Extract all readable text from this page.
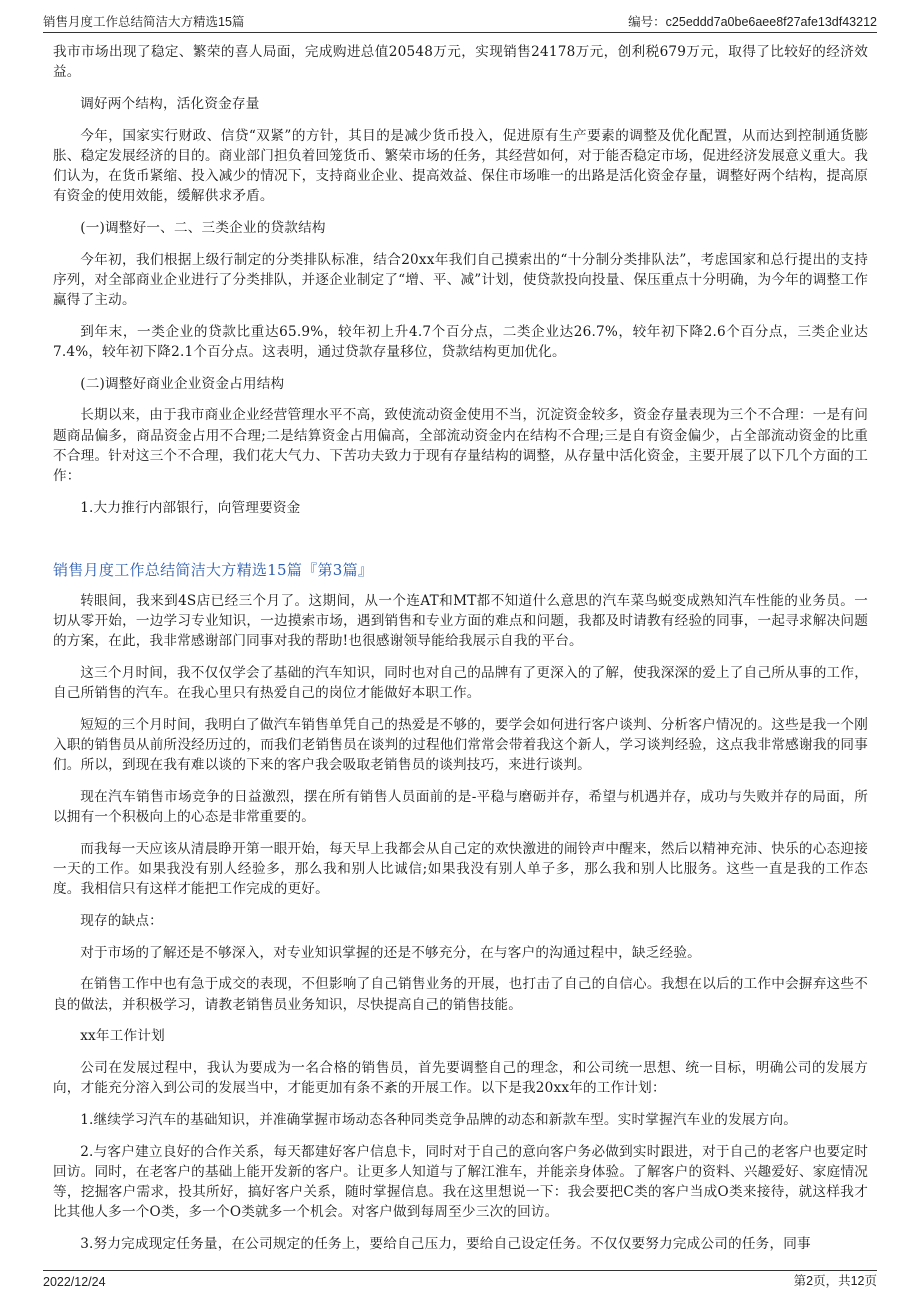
销售月度工作总结简洁大方精选15篇	编号：c25eddd7a0be6aee8f27afe13df43212

我市市场出现了稳定、繁荣的喜人局面，完成购进总值20548万元，实现销售24178万元，创利税679万元，取得了比较好的经济效益。

调好两个结构，活化资金存量

今年，国家实行财政、信贷“双紧”的方针，其目的是减少货币投入，促进原有生产要素的调整及优化配置，从而达到控制通货膨胀、稳定发展经济的目的。商业部门担负着回笼货币、繁荣市场的任务，其经营如何，对于能否稳定市场，促进经济发展意义重大。我们认为，在货币紧缩、投入减少的情况下，支持商业企业、提高效益、保住市场唯一的出路是活化资金存量，调整好两个结构，提高原有资金的使用效能，缓解供求矛盾。

(一)调整好一、二、三类企业的贷款结构

今年初，我们根据上级行制定的分类排队标准，结合20xx年我们自己摸索出的“十分制分类排队法”，考虑国家和总行提出的支持序列，对全部商业企业进行了分类排队，并逐企业制定了“增、平、减”计划，使贷款投向投量、保压重点十分明确，为今年的调整工作赢得了主动。

到年末，一类企业的贷款比重达65.9%，较年初上升4.7个百分点，二类企业达26.7%，较年初下降2.6个百分点，三类企业达7.4%，较年初下降2.1个百分点。这表明，通过贷款存量移位，贷款结构更加优化。

(二)调整好商业企业资金占用结构

长期以来，由于我市商业企业经营管理水平不高，致使流动资金使用不当，沉淀资金较多，资金存量表现为三个不合理：一是有问题商品偏多，商品资金占用不合理;二是结算资金占用偏高，全部流动资金内在结构不合理;三是自有资金偏少，占全部流动资金的比重不合理。针对这三个不合理，我们花大气力、下苦功夫致力于现有存量结构的调整，从存量中活化资金，主要开展了以下几个方面的工作：

1.大力推行内部银行，向管理要资金

销售月度工作总结简洁大方精选15篇『第3篇』

转眼间，我来到4S店已经三个月了。这期间，从一个连AT和MT都不知道什么意思的汽车菜鸟蜕变成熟知汽车性能的业务员。一切从零开始，一边学习专业知识，一边摸索市场，遇到销售和专业方面的难点和问题，我都及时请教有经验的同事，一起寻求解决问题的方案，在此，我非常感谢部门同事对我的帮助!也很感谢领导能给我展示自我的平台。

这三个月时间，我不仅仅学会了基础的汽车知识，同时也对自己的品牌有了更深入的了解，使我深深的爱上了自己所从事的工作，自己所销售的汽车。在我心里只有热爱自己的岗位才能做好本职工作。

短短的三个月时间，我明白了做汽车销售单凭自己的热爱是不够的，要学会如何进行客户谈判、分析客户情况的。这些是我一个刚入职的销售员从前所没经历过的，而我们老销售员在谈判的过程他们常常会带着我这个新人，学习谈判经验，这点我非常感谢我的同事们。所以，到现在我有难以谈的下来的客户我会吸取老销售员的谈判技巧，来进行谈判。

现在汽车销售市场竞争的日益激烈，摆在所有销售人员面前的是-平稳与磨砺并存，希望与机遇并存，成功与失败并存的局面，所以拥有一个积极向上的心态是非常重要的。

而我每一天应该从清晨睁开第一眼开始，每天早上我都会从自己定的欢快激进的闹铃声中醒来，然后以精神充沛、快乐的心态迎接一天的工作。如果我没有别人经验多，那么我和别人比诚信;如果我没有别人单子多，那么我和别人比服务。这些一直是我的工作态度。我相信只有这样才能把工作完成的更好。

现存的缺点：

对于市场的了解还是不够深入，对专业知识掌握的还是不够充分，在与客户的沟通过程中，缺乏经验。

在销售工作中也有急于成交的表现，不但影响了自己销售业务的开展，也打击了自己的自信心。我想在以后的工作中会摒弃这些不良的做法，并积极学习，请教老销售员业务知识，尽快提高自己的销售技能。

xx年工作计划

公司在发展过程中，我认为要成为一名合格的销售员，首先要调整自己的理念，和公司统一思想、统一目标，明确公司的发展方向，才能充分溶入到公司的发展当中，才能更加有条不紊的开展工作。以下是我20xx年的工作计划：

1.继续学习汽车的基础知识，并准确掌握市场动态各种同类竞争品牌的动态和新款车型。实时掌握汽车业的发展方向。

2.与客户建立良好的合作关系，每天都建好客户信息卡，同时对于自己的意向客户务必做到实时跟进，对于自己的老客户也要定时回访。同时，在老客户的基础上能开发新的客户。让更多人知道与了解江淮车，并能亲身体验。了解客户的资料、兴趣爱好、家庭情况等，挖掘客户需求，投其所好，搞好客户关系，随时掌握信息。我在这里想说一下：我会要把C类的客户当成O类来接待，就这样我才比其他人多一个O类，多一个O类就多一个机会。对客户做到每周至少三次的回访。

3.努力完成现定任务量，在公司规定的任务上，要给自己压力，要给自己设定任务。不仅仅要努力完成公司的任务，同事

2022/12/24	第2页，共12页
